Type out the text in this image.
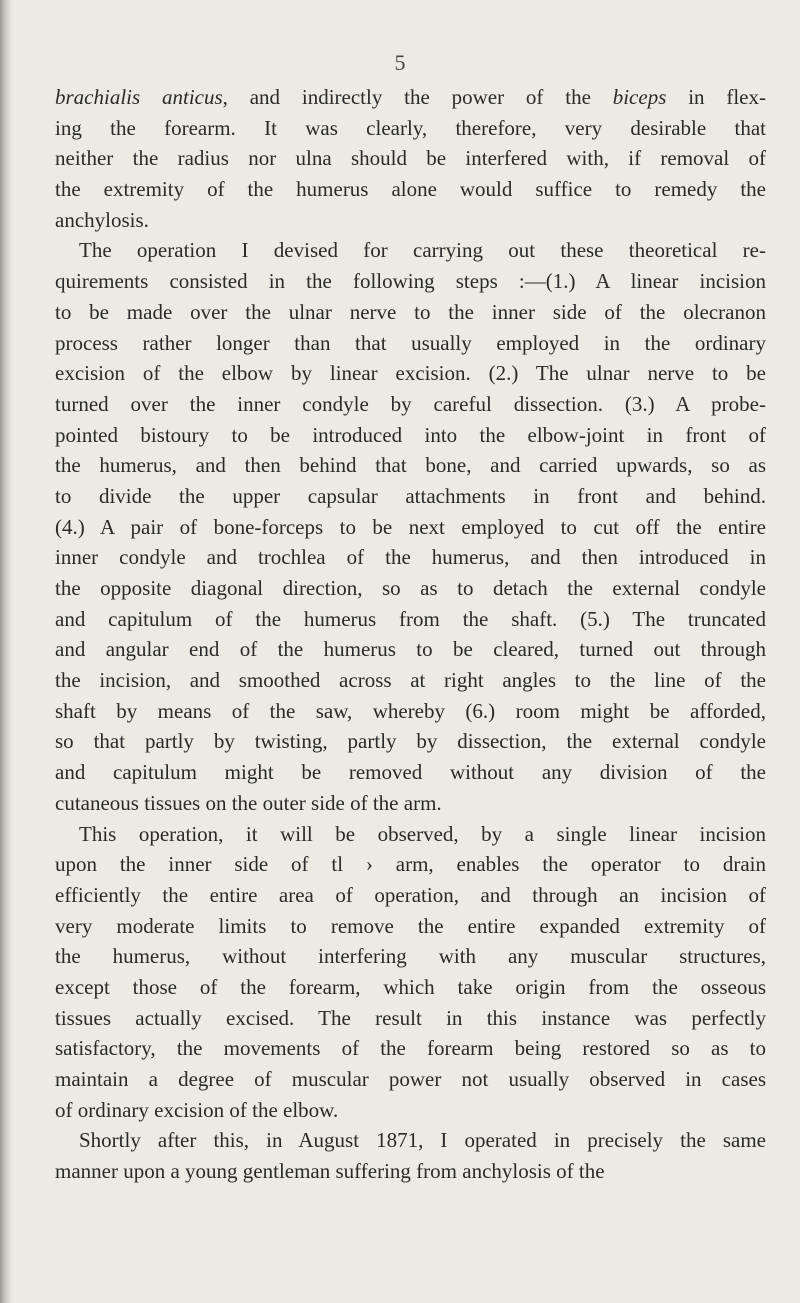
5
brachialis anticus, and indirectly the power of the biceps in flex-
ing the forearm. It was clearly, therefore, very desirable that
neither the radius nor ulna should be interfered with, if removal of
the extremity of the humerus alone would suffice to remedy the
anchylosis.
The operation I devised for carrying out these theoretical re-
quirements consisted in the following steps :—(1.) A linear incision
to be made over the ulnar nerve to the inner side of the olecranon
process rather longer than that usually employed in the ordinary
excision of the elbow by linear excision. (2.) The ulnar nerve to be
turned over the inner condyle by careful dissection. (3.) A probe-
pointed bistoury to be introduced into the elbow-joint in front of
the humerus, and then behind that bone, and carried upwards, so as
to divide the upper capsular attachments in front and behind.
(4.) A pair of bone-forceps to be next employed to cut off the entire
inner condyle and trochlea of the humerus, and then introduced in
the opposite diagonal direction, so as to detach the external condyle
and capitulum of the humerus from the shaft. (5.) The truncated
and angular end of the humerus to be cleared, turned out through
the incision, and smoothed across at right angles to the line of the
shaft by means of the saw, whereby (6.) room might be afforded,
so that partly by twisting, partly by dissection, the external condyle
and capitulum might be removed without any division of the
cutaneous tissues on the outer side of the arm.
This operation, it will be observed, by a single linear incision
upon the inner side of tl › arm, enables the operator to drain
efficiently the entire area of operation, and through an incision of
very moderate limits to remove the entire expanded extremity of
the humerus, without interfering with any muscular structures,
except those of the forearm, which take origin from the osseous
tissues actually excised. The result in this instance was perfectly
satisfactory, the movements of the forearm being restored so as to
maintain a degree of muscular power not usually observed in cases
of ordinary excision of the elbow.
Shortly after this, in August 1871, I operated in precisely the same
manner upon a young gentleman suffering from anchylosis of the
